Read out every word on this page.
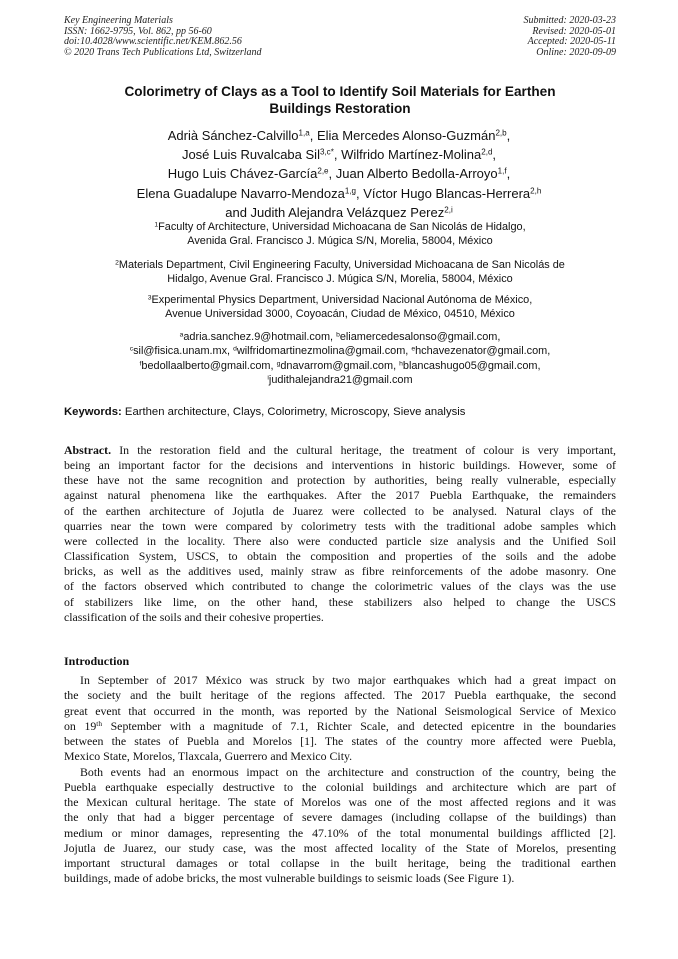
Key Engineering Materials
ISSN: 1662-9795, Vol. 862, pp 56-60
doi:10.4028/www.scientific.net/KEM.862.56
© 2020 Trans Tech Publications Ltd, Switzerland
Submitted: 2020-03-23
Revised: 2020-05-01
Accepted: 2020-05-11
Online: 2020-09-09
Colorimetry of Clays as a Tool to Identify Soil Materials for Earthen
Buildings Restoration
Adrià Sánchez-Calvillo$^{1,a}$, Elia Mercedes Alonso-Guzmán$^{2,b}$,
José Luis Ruvalcaba Sil$^{3,c*}$, Wilfrido Martínez-Molina$^{2,d}$,
Hugo Luis Chávez-García$^{2,e}$, Juan Alberto Bedolla-Arroyo$^{1,f}$,
Elena Guadalupe Navarro-Mendoza$^{1,g}$, Víctor Hugo Blancas-Herrera$^{2,h}$
and Judith Alejandra Velázquez Perez$^{2,i}$
$^1$Faculty of Architecture, Universidad Michoacana de San Nicolás de Hidalgo,
Avenida Gral. Francisco J. Múgica S/N, Morelia, 58004, México
$^2$Materials Department, Civil Engineering Faculty, Universidad Michoacana de San Nicolás de
Hidalgo, Avenue Gral. Francisco J. Múgica S/N, Morelia, 58004, México
$^3$Experimental Physics Department, Universidad Nacional Autónoma de México,
Avenue Universidad 3000, Coyoacán, Ciudad de México, 04510, México
$^a$adria.sanchez.9@hotmail.com, $^b$eliamercedesalonso@gmail.com,
$^c$sil@fisica.unam.mx, $^d$wilfridomartinezmolina@gmail.com, $^e$hchavezenator@gmail.com,
$^f$bedollaalberto@gmail.com, $^g$dnavarrom@gmail.com, $^h$blancashugo05@gmail.com,
$^i$judithalejandra21@gmail.com
Keywords: Earthen architecture, Clays, Colorimetry, Microscopy, Sieve analysis
Abstract. In the restoration field and the cultural heritage, the treatment of colour is very important,
being an important factor for the decisions and interventions in historic buildings. However, some of
these have not the same recognition and protection by authorities, being really vulnerable, especially
against natural phenomena like the earthquakes. After the 2017 Puebla Earthquake, the remainders
of the earthen architecture of Jojutla de Juarez were collected to be analysed. Natural clays of the
quarries near the town were compared by colorimetry tests with the traditional adobe samples which
were collected in the locality. There also were conducted particle size analysis and the Unified Soil
Classification System, USCS, to obtain the composition and properties of the soils and the adobe
bricks, as well as the additives used, mainly straw as fibre reinforcements of the adobe masonry. One
of the factors observed which contributed to change the colorimetric values of the clays was the use
of stabilizers like lime, on the other hand, these stabilizers also helped to change the USCS
classification of the soils and their cohesive properties.
Introduction
In September of 2017 México was struck by two major earthquakes which had a great impact on
the society and the built heritage of the regions affected. The 2017 Puebla earthquake, the second
great event that occurred in the month, was reported by the National Seismological Service of Mexico
on 19th September with a magnitude of 7.1, Richter Scale, and detected epicentre in the boundaries
between the states of Puebla and Morelos [1]. The states of the country more affected were Puebla,
Mexico State, Morelos, Tlaxcala, Guerrero and Mexico City.
Both events had an enormous impact on the architecture and construction of the country, being the
Puebla earthquake especially destructive to the colonial buildings and architecture which are part of
the Mexican cultural heritage. The state of Morelos was one of the most affected regions and it was
the only that had a bigger percentage of severe damages (including collapse of the buildings) than
medium or minor damages, representing the 47.10% of the total monumental buildings afflicted [2].
Jojutla de Juarez, our study case, was the most affected locality of the State of Morelos, presenting
important structural damages or total collapse in the built heritage, being the traditional earthen
buildings, made of adobe bricks, the most vulnerable buildings to seismic loads (See Figure 1).
